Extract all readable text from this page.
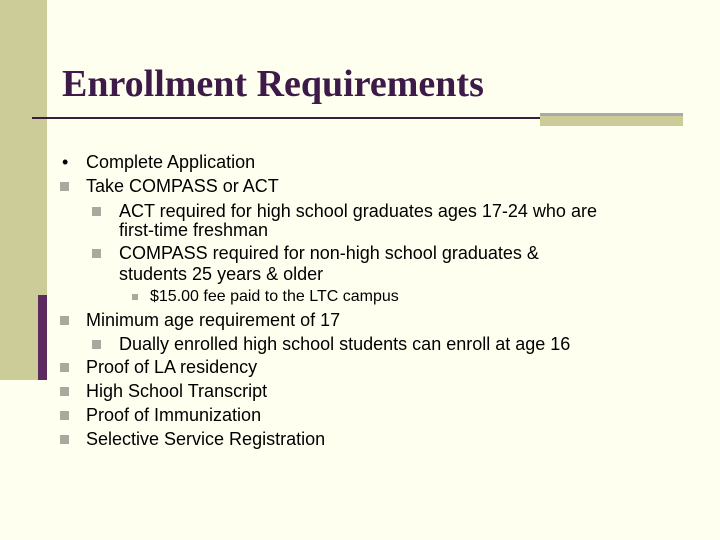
Enrollment Requirements
• Complete Application
Take COMPASS or ACT
ACT required for high school graduates ages 17-24 who are
first-time freshman
COMPASS required for non-high school graduates &
students 25 years & older
$15.00 fee paid to the LTC campus
Minimum age requirement of 17
Dually enrolled high school students can enroll at age 16
Proof of LA residency
High School Transcript
Proof of Immunization
Selective Service Registration
